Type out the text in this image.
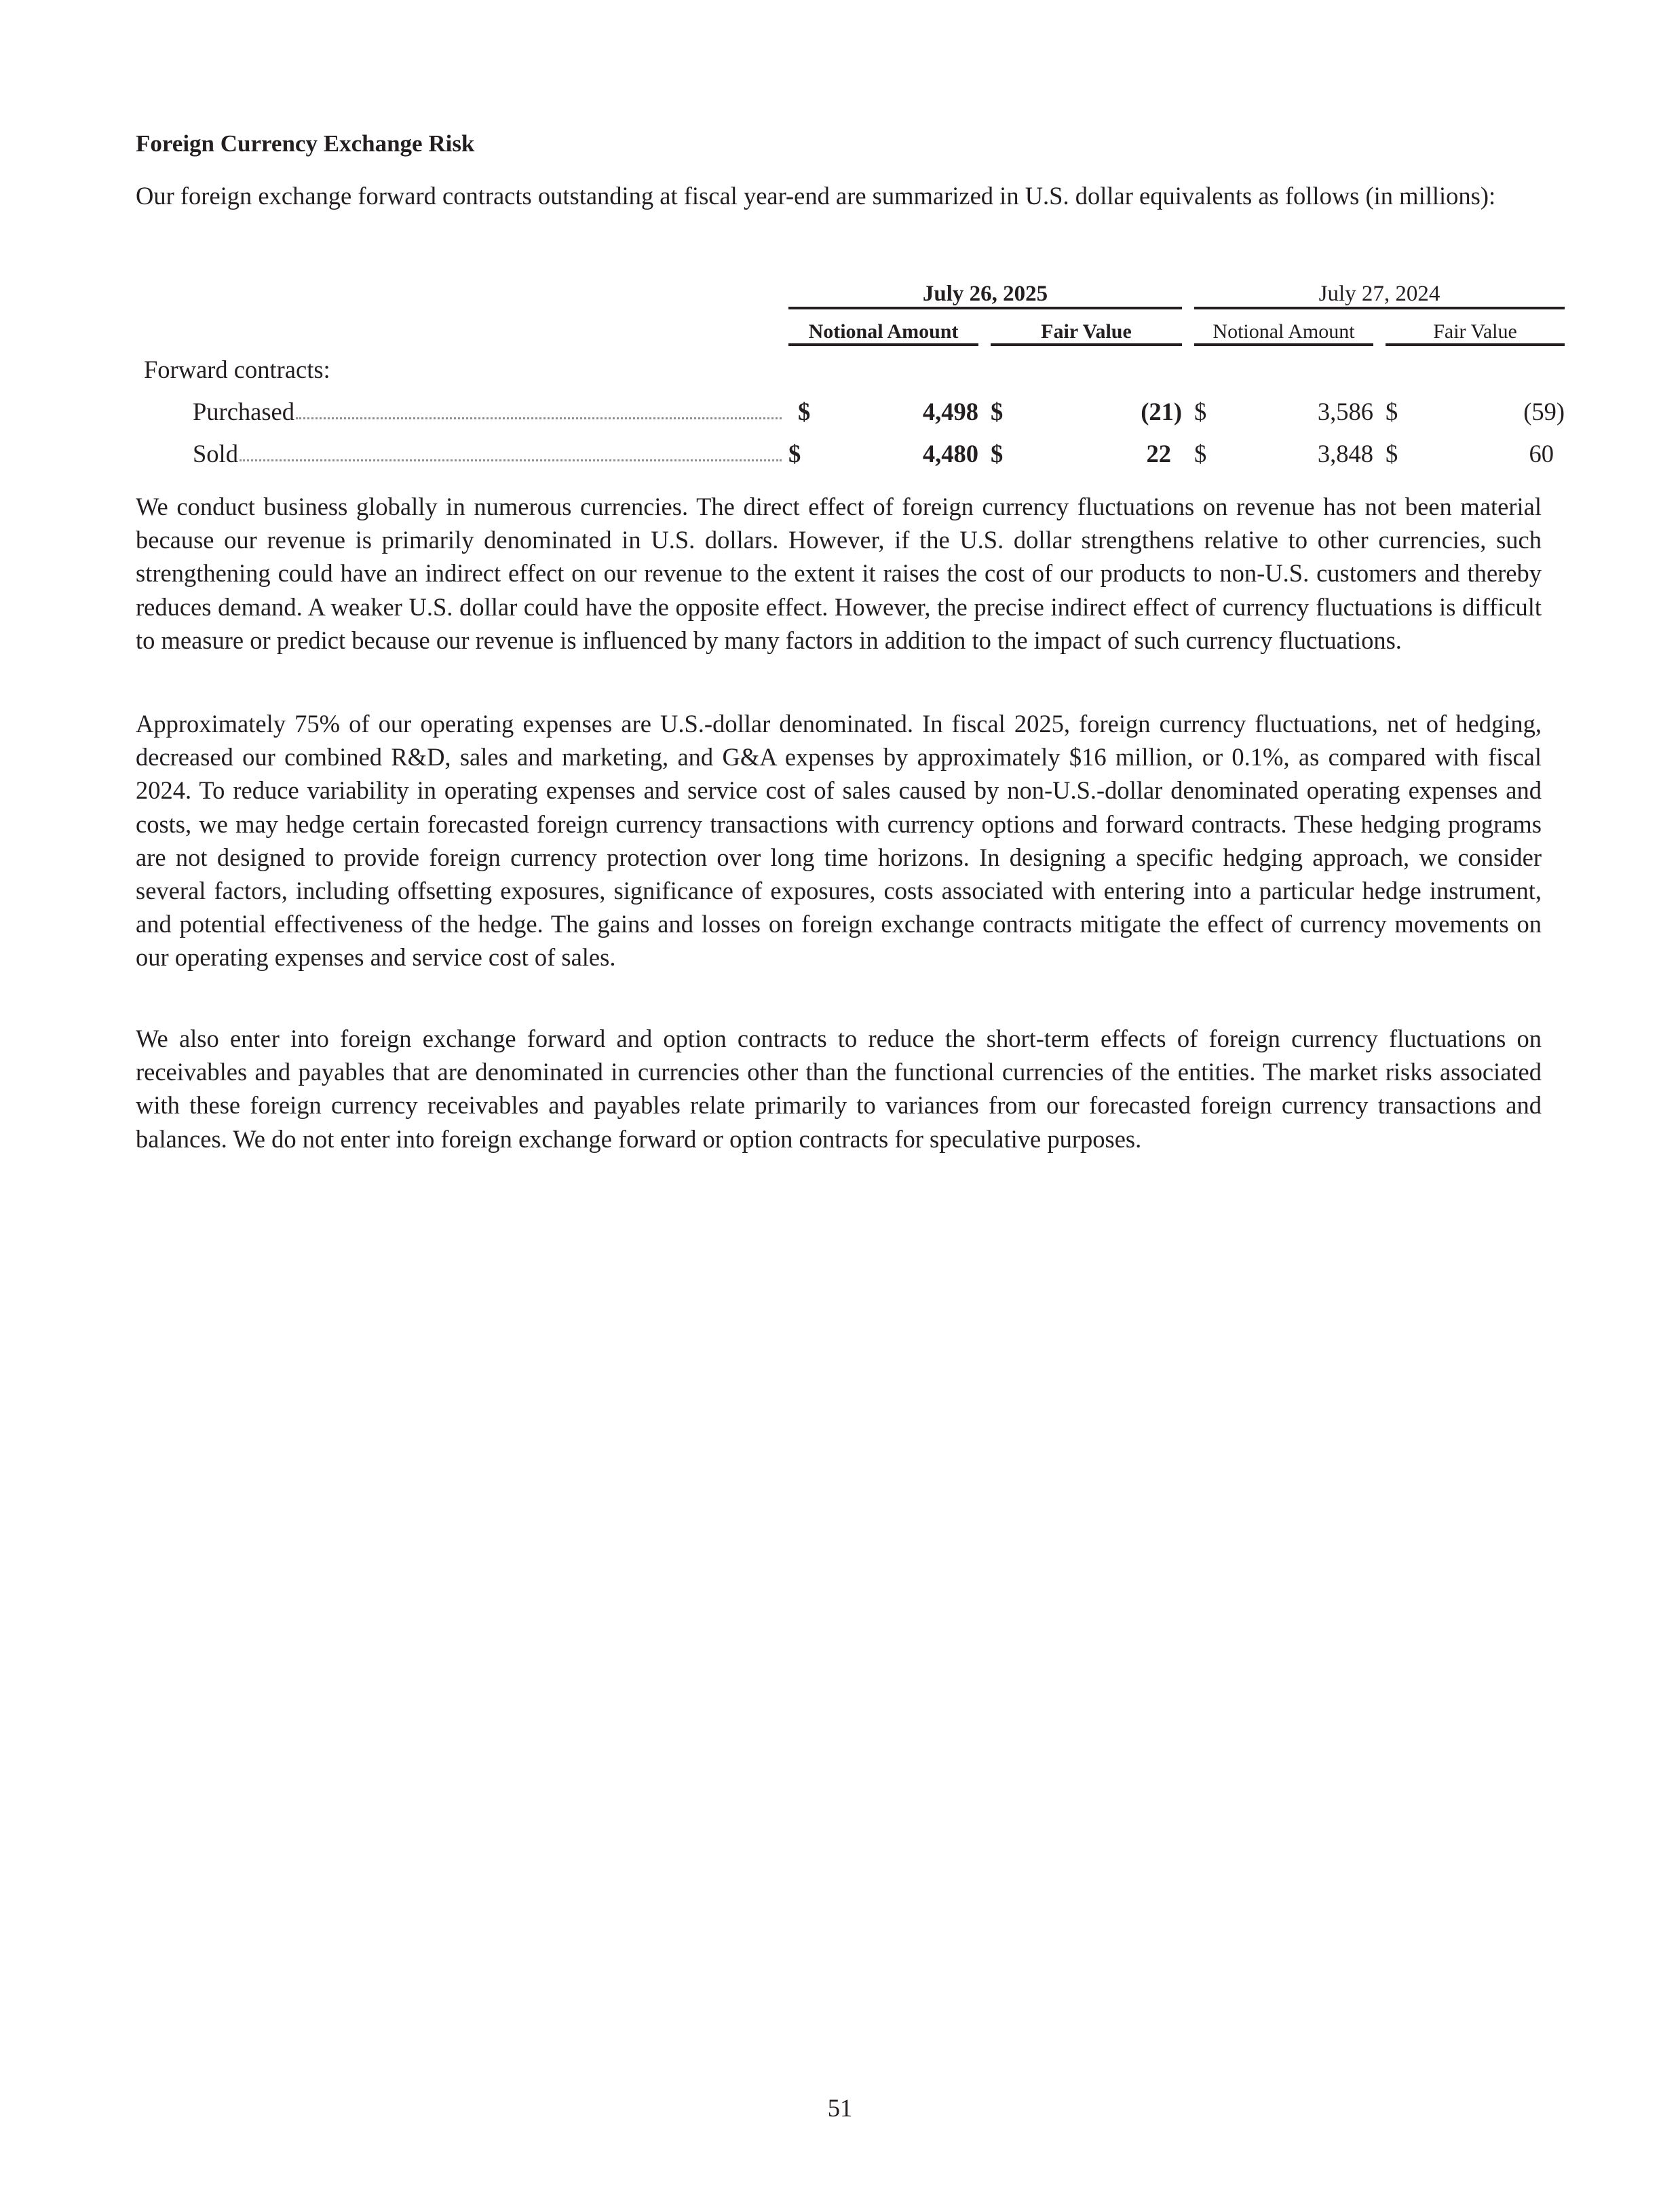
Foreign Currency Exchange Risk

Our foreign exchange forward contracts outstanding at fiscal year-end are summarized in U.S. dollar equivalents as follows (in millions):

	July 26, 2025				July 27, 2024		
	Notional Amount		Fair Value		Notional Amount		Fair Value
Forward contracts:							

Purchased	$ 4,498		$ (21)		$ 3,586		$ (59)

Sold	$ 4,480		$ 22		$ 3,848		$ 60

We conduct business globally in numerous currencies. The direct effect of foreign currency fluctuations on revenue has not been material because our revenue is primarily denominated in U.S. dollars. However, if the U.S. dollar strengthens relative to other currencies, such strengthening could have an indirect effect on our revenue to the extent it raises the cost of our products to non-U.S. customers and thereby reduces demand. A weaker U.S. dollar could have the opposite effect. However, the precise indirect effect of currency fluctuations is difficult to measure or predict because our revenue is influenced by many factors in addition to the impact of such currency fluctuations.

Approximately 75% of our operating expenses are U.S.-dollar denominated. In fiscal 2025, foreign currency fluctuations, net of hedging, decreased our combined R&D, sales and marketing, and G&A expenses by approximately $16 million, or 0.1%, as compared with fiscal 2024. To reduce variability in operating expenses and service cost of sales caused by non-U.S.-dollar denominated operating expenses and costs, we may hedge certain forecasted foreign currency transactions with currency options and forward contracts. These hedging programs are not designed to provide foreign currency protection over long time horizons. In designing a specific hedging approach, we consider several factors, including offsetting exposures, significance of exposures, costs associated with entering into a particular hedge instrument, and potential effectiveness of the hedge. The gains and losses on foreign exchange contracts mitigate the effect of currency movements on our operating expenses and service cost of sales.

We also enter into foreign exchange forward and option contracts to reduce the short-term effects of foreign currency fluctuations on receivables and payables that are denominated in currencies other than the functional currencies of the entities. The market risks associated with these foreign currency receivables and payables relate primarily to variances from our forecasted foreign currency transactions and balances. We do not enter into foreign exchange forward or option contracts for speculative purposes.

51
